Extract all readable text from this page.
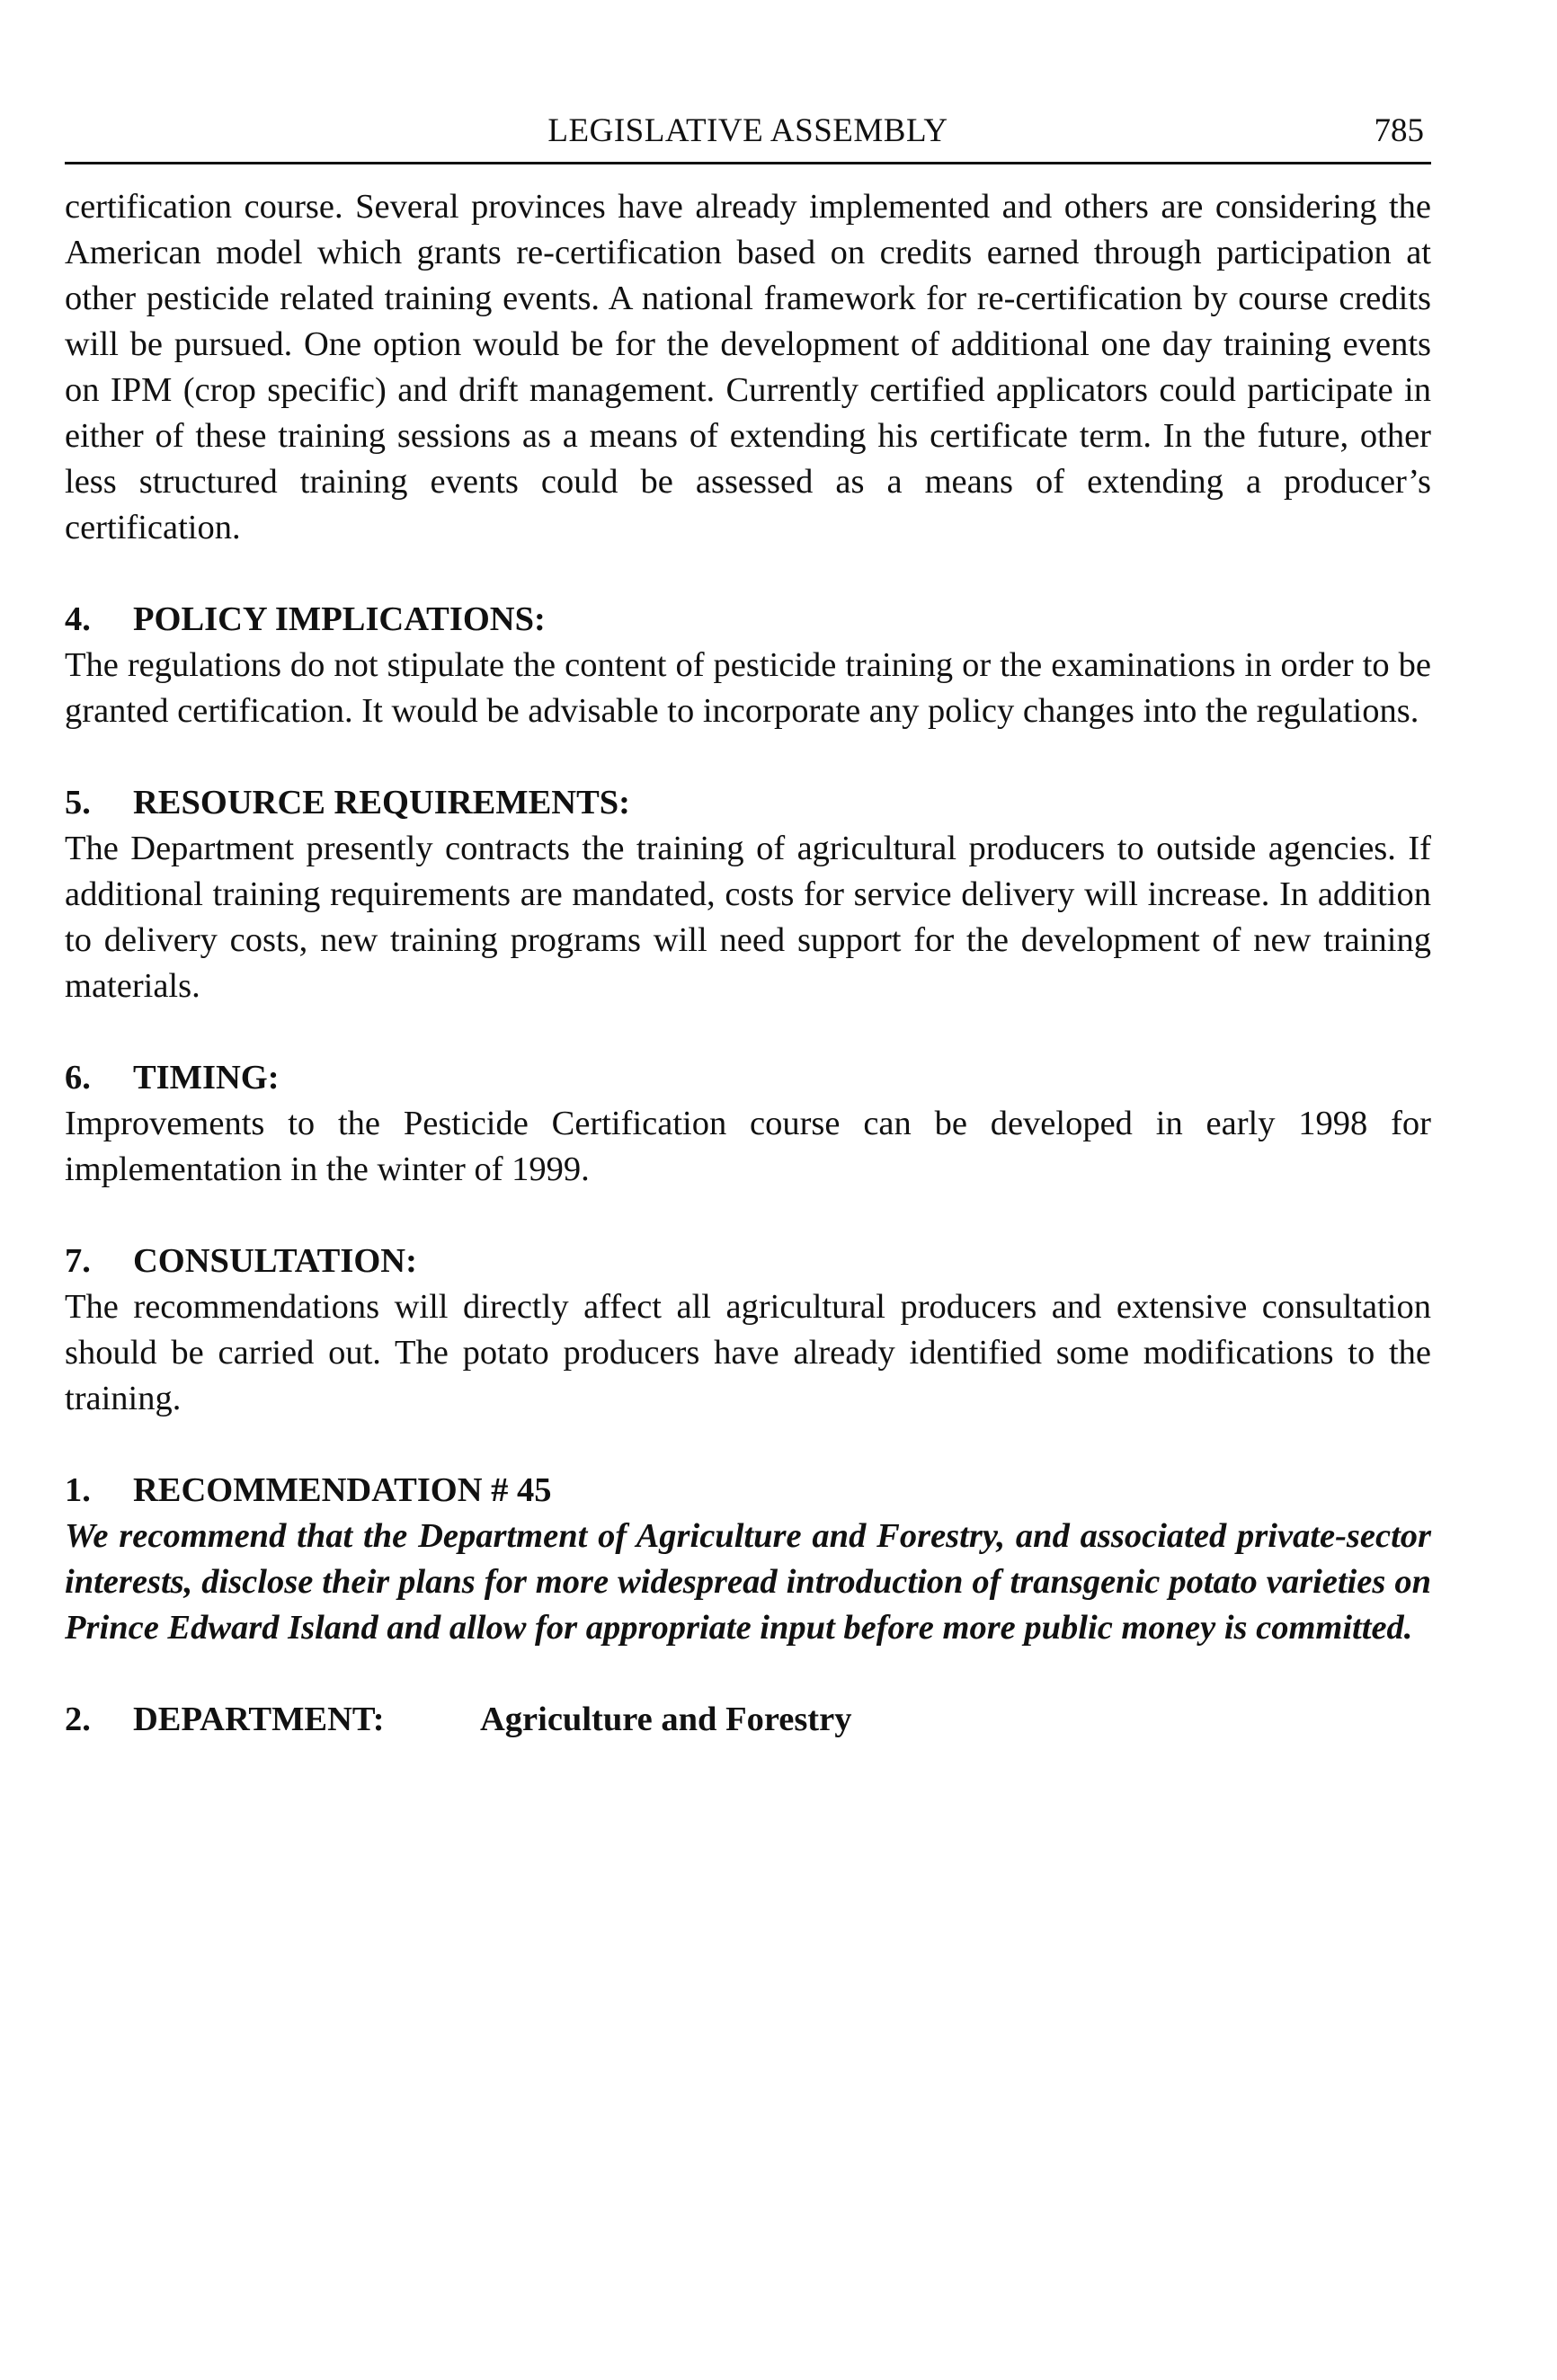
LEGISLATIVE ASSEMBLY	785

certification course. Several provinces have already implemented and others are considering the American model which grants re-certification based on credits earned through participation at other pesticide related training events. A national framework for re-certification by course credits will be pursued. One option would be for the development of additional one day training events on IPM (crop specific) and drift management. Currently certified applicators could participate in either of these training sessions as a means of extending his certificate term. In the future, other less structured training events could be assessed as a means of extending a producer’s certification.

4. POLICY IMPLICATIONS:

The regulations do not stipulate the content of pesticide training or the examinations in order to be granted certification. It would be advisable to incorporate any policy changes into the regulations.

5. RESOURCE REQUIREMENTS:

The Department presently contracts the training of agricultural producers to outside agencies. If additional training requirements are mandated, costs for service delivery will increase. In addition to delivery costs, new training programs will need support for the development of new training materials.

6. TIMING:

Improvements to the Pesticide Certification course can be developed in early 1998 for implementation in the winter of 1999.

7. CONSULTATION:

The recommendations will directly affect all agricultural producers and extensive consultation should be carried out. The potato producers have already identified some modifications to the training.

1. RECOMMENDATION # 45

We recommend that the Department of Agriculture and Forestry, and associated private-sector interests, disclose their plans for more widespread introduction of transgenic potato varieties on Prince Edward Island and allow for appropriate input before more public money is committed.

2. DEPARTMENT:	Agriculture and Forestry
